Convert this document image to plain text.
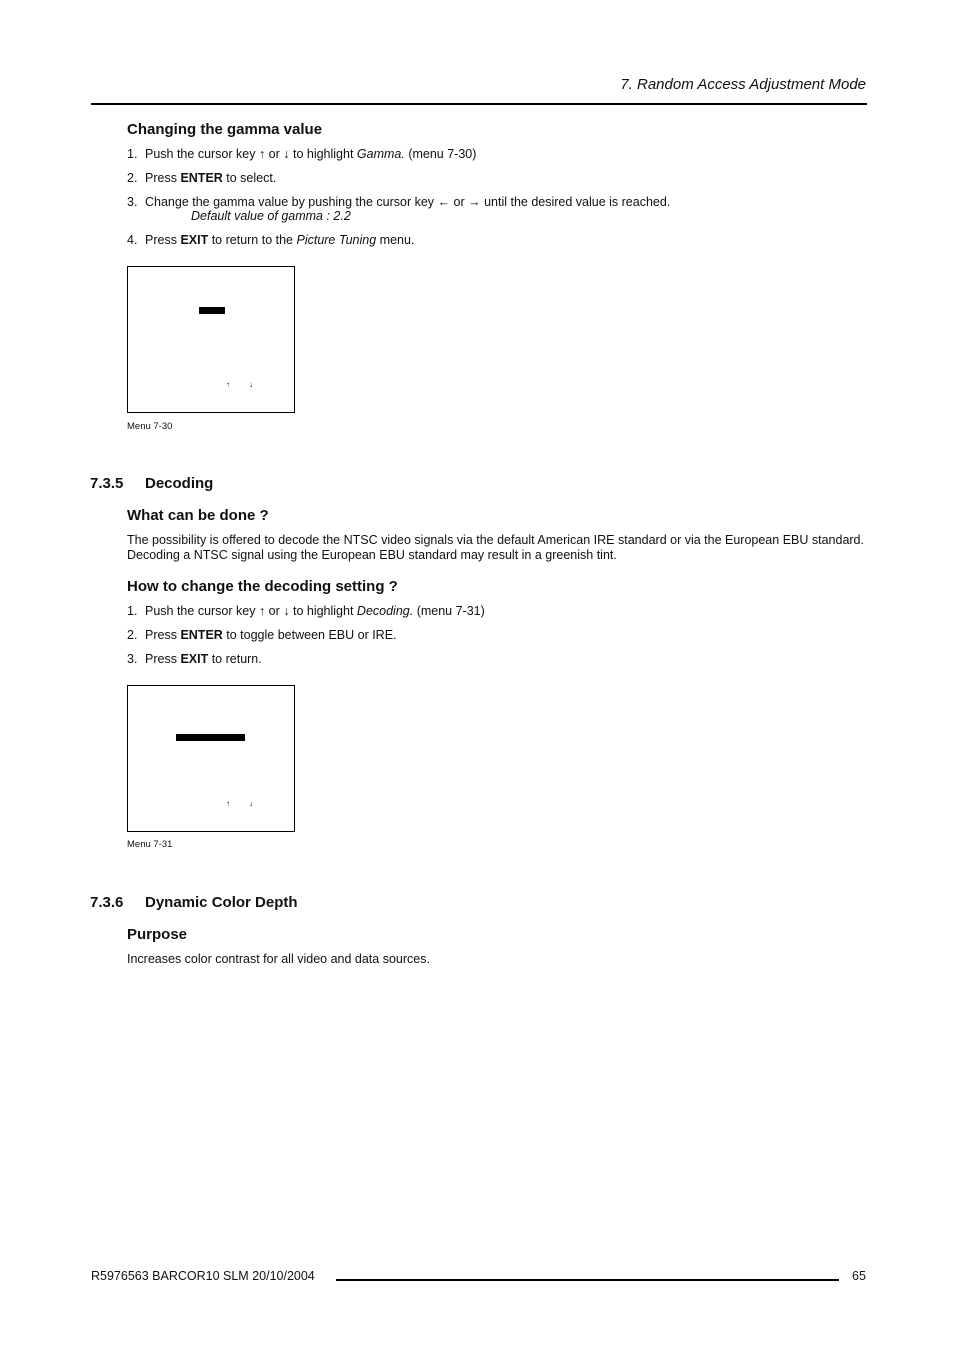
7. Random Access Adjustment Mode
Changing the gamma value
1. Push the cursor key ↑ or ↓ to highlight Gamma. (menu 7-30)
2. Press ENTER to select.
3. Change the gamma value by pushing the cursor key ← or → until the desired value is reached.
Default value of gamma : 2.2
4. Press EXIT to return to the Picture Tuning menu.
↑ ↓
Menu 7-30
7.3.5 Decoding
What can be done ?
The possibility is offered to decode the NTSC video signals via the default American IRE standard or via the European EBU standard.
Decoding a NTSC signal using the European EBU standard may result in a greenish tint.
How to change the decoding setting ?
1. Push the cursor key ↑ or ↓ to highlight Decoding. (menu 7-31)
2. Press ENTER to toggle between EBU or IRE.
3. Press EXIT to return.
↑ ↓
Menu 7-31
7.3.6 Dynamic Color Depth
Purpose
Increases color contrast for all video and data sources.
R5976563 BARCOR10 SLM 20/10/2004	65
